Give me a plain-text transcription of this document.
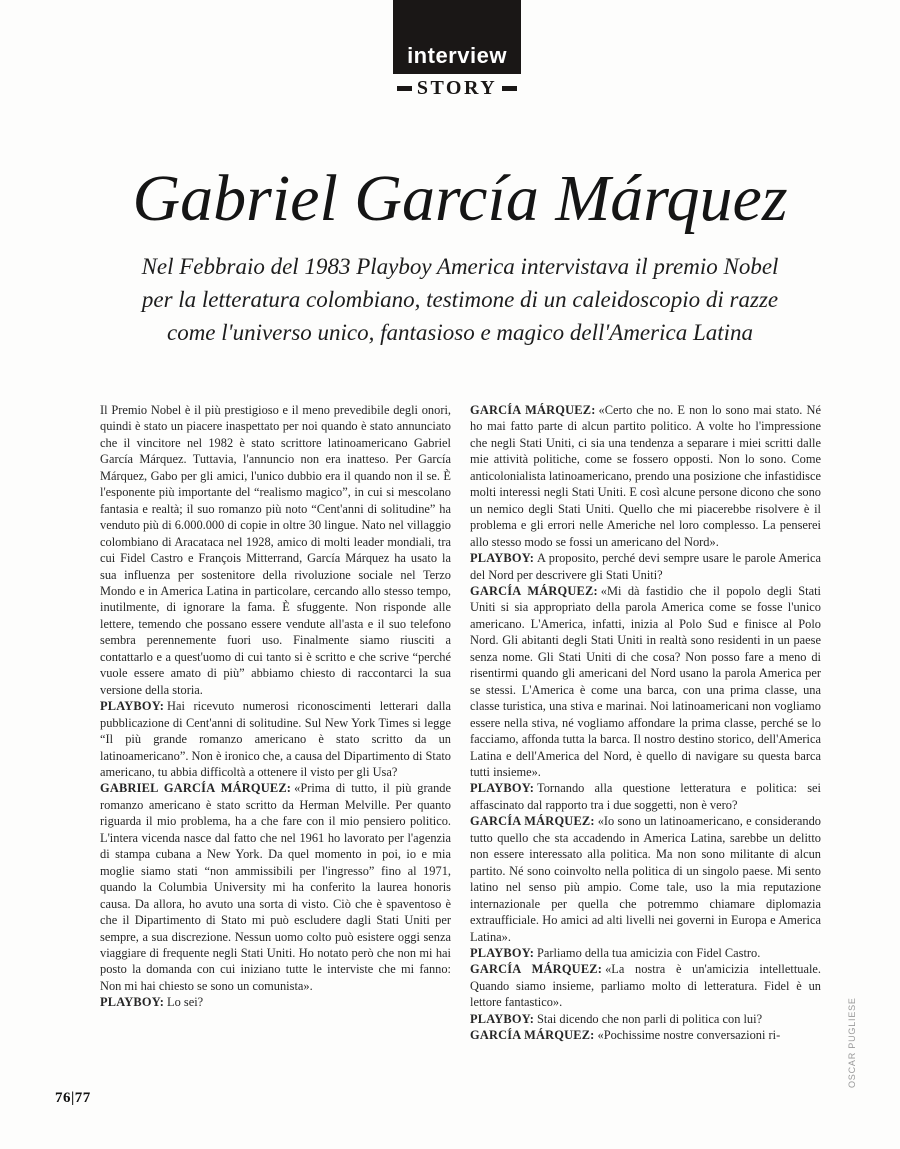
interview
STORY
Gabriel García Márquez
Nel Febbraio del 1983 Playboy America intervistava il premio Nobel
per la letteratura colombiano, testimone di un caleidoscopio di razze
come l'universo unico, fantasioso e magico dell'America Latina

Il Premio Nobel è il più prestigioso e il meno prevedibile degli onori, quindi è stato un piacere inaspettato per noi quando è stato annunciato che il vincitore nel 1982 è stato scrittore latinoamericano Gabriel García Márquez. Tuttavia, l'annuncio non era inatteso. Per García Márquez, Gabo per gli amici, l'unico dubbio era il quando non il se. È l'esponente più importante del “realismo magico”, in cui si mescolano fantasia e realtà; il suo romanzo più noto “Cent'anni di solitudine” ha venduto più di 6.000.000 di copie in oltre 30 lingue. Nato nel villaggio colombiano di Aracataca nel 1928, amico di molti leader mondiali, tra cui Fidel Castro e François Mitterrand, García Márquez ha usato la sua influenza per sostenitore della rivoluzione sociale nel Terzo Mondo e in America Latina in particolare, cercando allo stesso tempo, inutilmente, di ignorare la fama. È sfuggente. Non risponde alle lettere, temendo che possano essere vendute all'asta e il suo telefono sembra perennemente fuori uso. Finalmente siamo riusciti a contattarlo e a quest'uomo di cui tanto si è scritto e che scrive “perché vuole essere amato di più” abbiamo chiesto di raccontarci la sua versione della storia.

PLAYBOY: Hai ricevuto numerosi riconoscimenti letterari dalla pubblicazione di Cent'anni di solitudine. Sul New York Times si legge “Il più grande romanzo americano è stato scritto da un latinoamericano”. Non è ironico che, a causa del Dipartimento di Stato americano, tu abbia difficoltà a ottenere il visto per gli Usa?

GABRIEL GARCÍA MÁRQUEZ: «Prima di tutto, il più grande romanzo americano è stato scritto da Herman Melville. Per quanto riguarda il mio problema, ha a che fare con il mio pensiero politico. L'intera vicenda nasce dal fatto che nel 1961 ho lavorato per l'agenzia di stampa cubana a New York. Da quel momento in poi, io e mia moglie siamo stati “non ammissibili per l'ingresso” fino al 1971, quando la Columbia University mi ha conferito la laurea honoris causa. Da allora, ho avuto una sorta di visto. Ciò che è spaventoso è che il Dipartimento di Stato mi può escludere dagli Stati Uniti per sempre, a sua discrezione. Nessun uomo colto può esistere oggi senza viaggiare di frequente negli Stati Uniti. Ho notato però che non mi hai posto la domanda con cui iniziano tutte le interviste che mi fanno: Non mi hai chiesto se sono un comunista».

PLAYBOY: Lo sei?

GARCÍA MÁRQUEZ: «Certo che no. E non lo sono mai stato. Né ho mai fatto parte di alcun partito politico. A volte ho l'impressione che negli Stati Uniti, ci sia una tendenza a separare i miei scritti dalle mie attività politiche, come se fossero opposti. Non lo sono. Come anticolonialista latinoamericano, prendo una posizione che infastidisce molti interessi negli Stati Uniti. E così alcune persone dicono che sono un nemico degli Stati Uniti. Quello che mi piacerebbe risolvere è il problema e gli errori nelle Americhe nel loro complesso. La penserei allo stesso modo se fossi un americano del Nord».

PLAYBOY: A proposito, perché devi sempre usare le parole America del Nord per descrivere gli Stati Uniti?

GARCÍA MÁRQUEZ: «Mi dà fastidio che il popolo degli Stati Uniti si sia appropriato della parola America come se fosse l'unico americano. L'America, infatti, inizia al Polo Sud e finisce al Polo Nord. Gli abitanti degli Stati Uniti in realtà sono residenti in un paese senza nome. Gli Stati Uniti di che cosa? Non posso fare a meno di risentirmi quando gli americani del Nord usano la parola America per se stessi. L'America è come una barca, con una prima classe, una classe turistica, una stiva e marinai. Noi latinoamericani non vogliamo essere nella stiva, né vogliamo affondare la prima classe, perché se lo facciamo, affonda tutta la barca. Il nostro destino storico, dell'America Latina e dell'America del Nord, è quello di navigare su questa barca tutti insieme».

PLAYBOY: Tornando alla questione letteratura e politica: sei affascinato dal rapporto tra i due soggetti, non è vero?

GARCÍA MÁRQUEZ: «Io sono un latinoamericano, e considerando tutto quello che sta accadendo in America Latina, sarebbe un delitto non essere interessato alla politica. Ma non sono militante di alcun partito. Né sono coinvolto nella politica di un singolo paese. Mi sento latino nel senso più ampio. Come tale, uso la mia reputazione internazionale per quella che potremmo chiamare diplomazia extraufficiale. Ho amici ad alti livelli nei governi in Europa e America Latina».

PLAYBOY: Parliamo della tua amicizia con Fidel Castro.

GARCÍA MÁRQUEZ: «La nostra è un'amicizia intellettuale. Quando siamo insieme, parliamo molto di letteratura. Fidel è un lettore fantastico».

PLAYBOY: Stai dicendo che non parli di politica con lui?

GARCÍA MÁRQUEZ: «Pochissime nostre conversazioni ri-

76|77
OSCAR PUGLIESE
